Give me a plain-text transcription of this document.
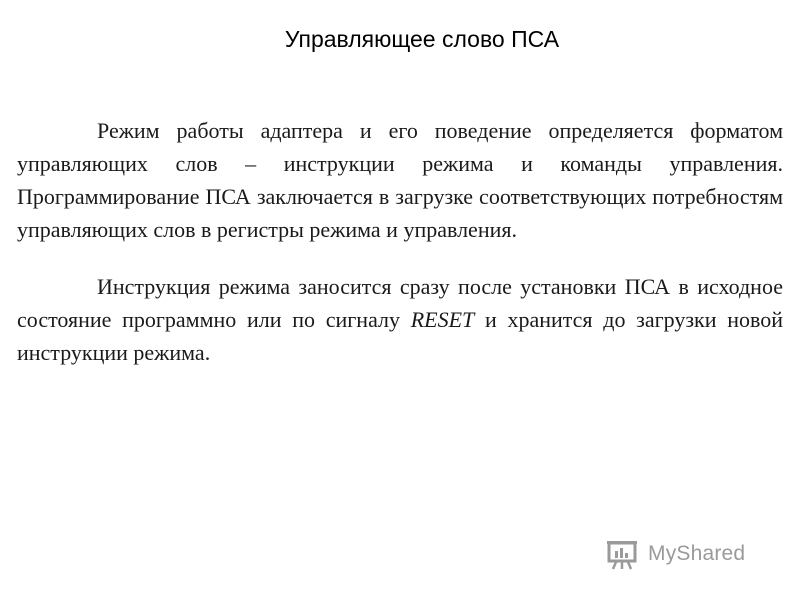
Управляющее слово ПСА

Режим работы адаптера и его поведение определяется форматом управляющих слов – инструкции режима и команды управления. Программирование ПСА заключается в загрузке соответствующих потребностям управляющих слов в регистры режима и управления.

Инструкция режима заносится сразу после установки ПСА в исходное состояние программно или по сигналу RESET и хранится до загрузки новой инструкции режима.

MyShared
